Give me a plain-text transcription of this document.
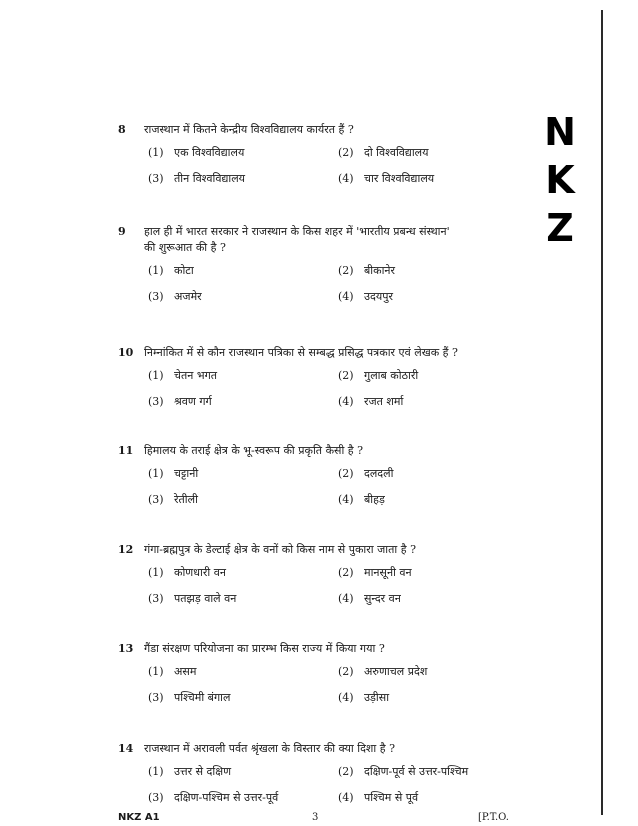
N
K
Z
8	राजस्थान में कितने केन्द्रीय विश्वविद्यालय कार्यरत हैं ?
(1) एक विश्वविद्यालय	(2) दो विश्वविद्यालय
(3) तीन विश्वविद्यालय	(4) चार विश्वविद्यालय
9	हाल ही में भारत सरकार ने राजस्थान के किस शहर में 'भारतीय प्रबन्ध संस्थान'
की शुरूआत की है ?
(1) कोटा	(2) बीकानेर
(3) अजमेर	(4) उदयपुर
10 निम्नांकित में से कौन राजस्थान पत्रिका से सम्बद्ध प्रसिद्ध पत्रकार एवं लेखक हैं ?
(1) चेतन भगत	(2) गुलाब कोठारी
(3) श्रवण गर्ग	(4) रजत शर्मा
11 हिमालय के तराई क्षेत्र के भू-स्वरूप की प्रकृति कैसी है ?
(1) चट्टानी	(2) दलदली
(3) रेतीली	(4) बीहड़
12 गंगा-ब्रह्मपुत्र के डेल्टाई क्षेत्र के वनों को किस नाम से पुकारा जाता है ?
(1) कोणधारी वन	(2) मानसूनी वन
(3) पतझड़ वाले वन	(4) सुन्दर वन
13 गैंडा संरक्षण परियोजना का प्रारम्भ किस राज्य में किया गया ?
(1) असम	(2) अरुणाचल प्रदेश
(3) पश्चिमी बंगाल	(4) उड़ीसा
14 राजस्थान में अरावली पर्वत श्रृंखला के विस्तार की क्या दिशा है ?
(1) उत्तर से दक्षिण	(2) दक्षिण-पूर्व से उत्तर-पश्चिम
(3) दक्षिण-पश्चिम से उत्तर-पूर्व	(4) पश्चिम से पूर्व
NKZ A1	3	[P.T.O.
